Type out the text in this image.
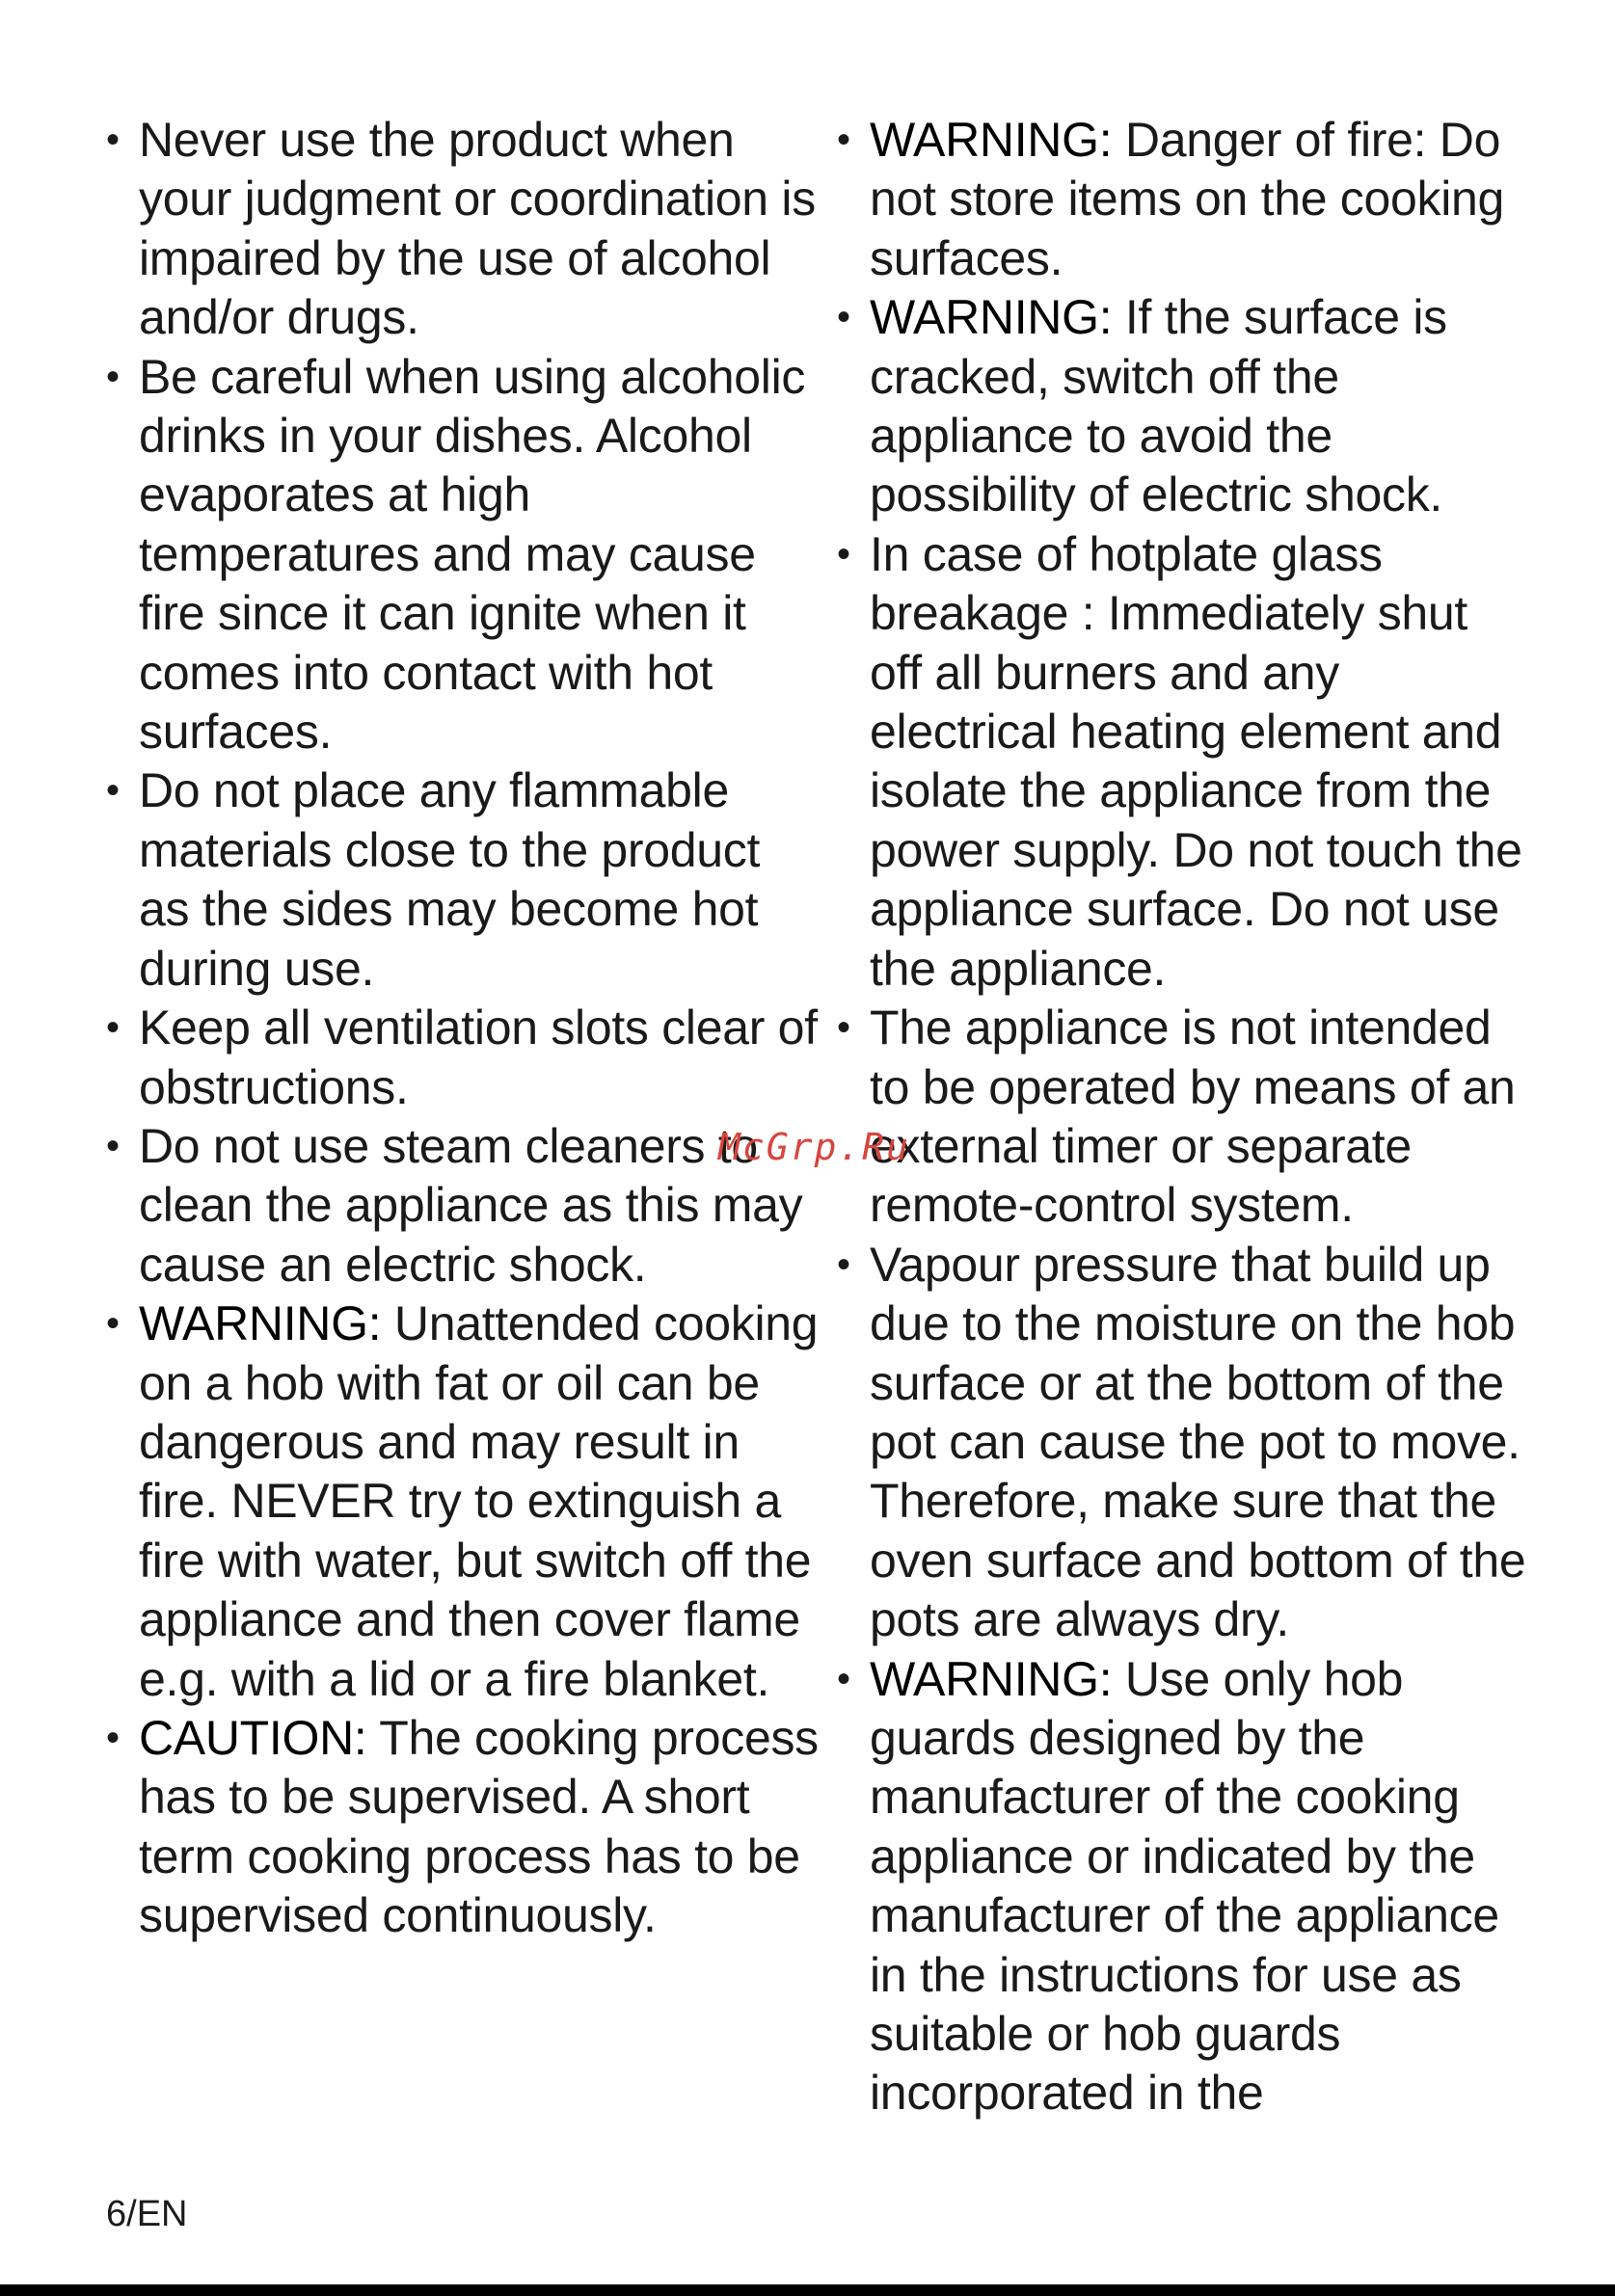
• Never use the product when your judgment or coordination is impaired by the use of alcohol and/or drugs.
• Be careful when using alcoholic drinks in your dishes. Alcohol evaporates at high temperatures and may cause fire since it can ignite when it comes into contact with hot surfaces.
• Do not place any flammable materials close to the product as the sides may become hot during use.
• Keep all ventilation slots clear of obstructions.
• Do not use steam cleaners to clean the appliance as this may cause an electric shock.
• WARNING: Unattended cooking on a hob with fat or oil can be dangerous and may result in fire. NEVER try to extinguish a fire with water, but switch off the appliance and then cover flame e.g. with a lid or a fire blanket.
• CAUTION: The cooking process has to be supervised. A short term cooking process has to be supervised continuously.
• WARNING: Danger of fire: Do not store items on the cooking surfaces.
• WARNING: If the surface is cracked, switch off the appliance to avoid the possibility of electric shock.
• In case of hotplate glass breakage : Immediately shut off all burners and any electrical heating element and isolate the appliance from the power supply. Do not touch the appliance surface. Do not use the appliance.
• The appliance is not intended to be operated by means of an external timer or separate remote-control system.
• Vapour pressure that build up due to the moisture on the hob surface or at the bottom of the pot can cause the pot to move. Therefore, make sure that the oven surface and bottom of the pots are always dry.
• WARNING: Use only hob guards designed by the manufacturer of the cooking appliance or indicated by the manufacturer of the appliance in the instructions for use as suitable or hob guards incorporated in the
McGrp.Ru
6/EN
